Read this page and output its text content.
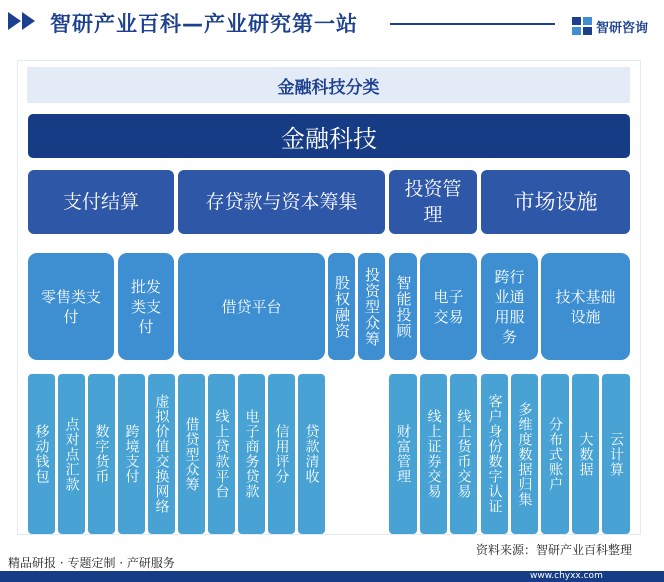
智研产业百科—产业研究第一站	智研咨询
金融科技分类
金融科技
支付结算	存贷款与资本筹集
投资管理
市场设施
零售类支付
批发类支付
借贷平台	股权融资 投资型众筹 智能投顾	电子交易
跨行业通用服务
技术基础设施
移动钱包 点对点汇款 数字货币 跨境支付 虚拟价值交换网络 借贷型众筹 线上贷款平台 电子商务贷款 信用评分 贷款清收	财富管理 线上证券交易 线上货币交易 客户身份数字认证 多维度数据归集 分布式账户 大数据 云计算
资料来源：智研产业百科整理
精品研报 · 专题定制 · 产研服务
www.chyxx.com
